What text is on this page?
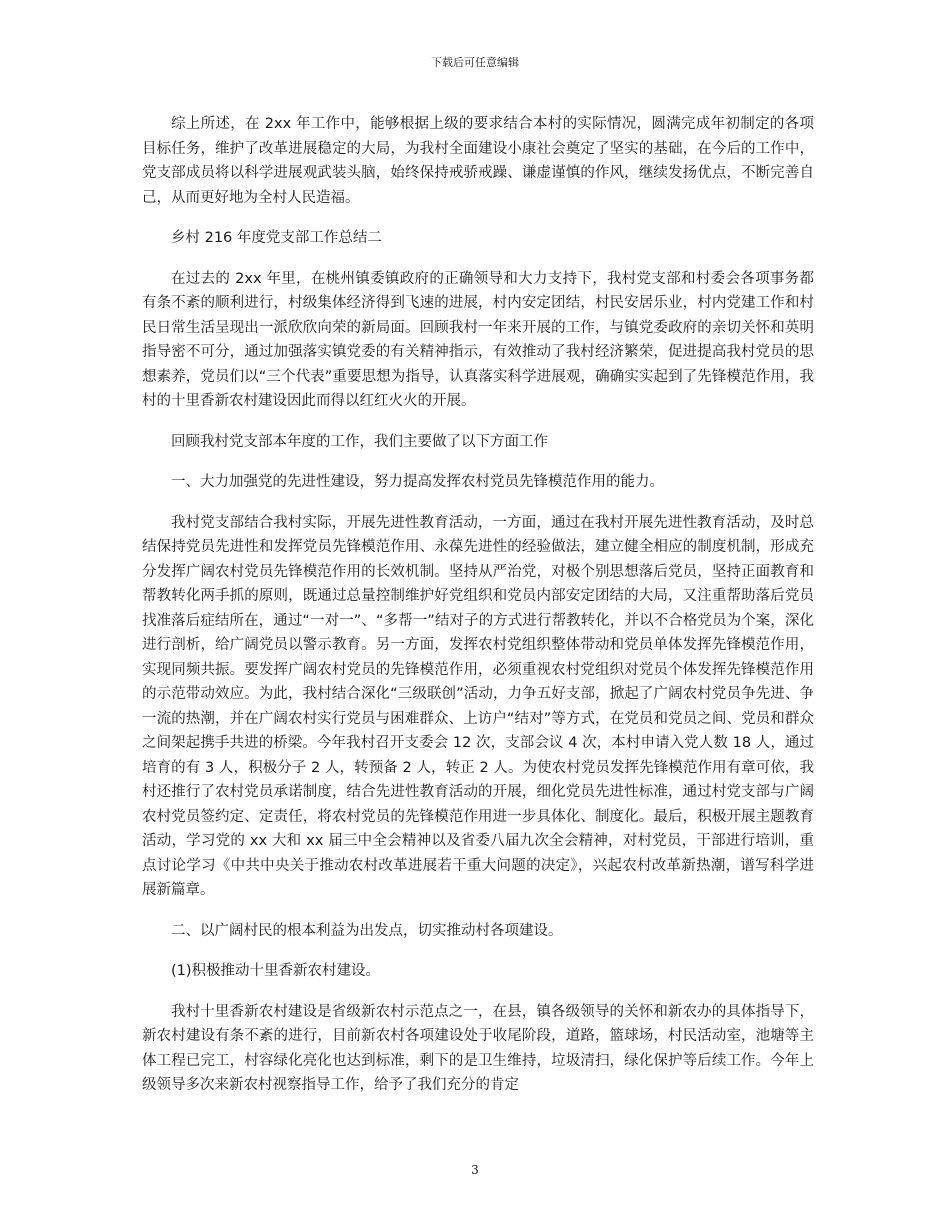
下载后可任意编辑

综上所述，在 2xx 年工作中，能够根据上级的要求结合本村的实际情况，圆满完成年初制定的各项目标任务，维护了改革进展稳定的大局，为我村全面建设小康社会奠定了坚实的基础，在今后的工作中，党支部成员将以科学进展观武装头脑，始终保持戒骄戒躁、谦虚谨慎的作风，继续发扬优点，不断完善自己，从而更好地为全村人民造福。

乡村 216 年度党支部工作总结二

在过去的 2xx 年里，在桃州镇委镇政府的正确领导和大力支持下，我村党支部和村委会各项事务都有条不紊的顺利进行，村级集体经济得到飞速的进展，村内安定团结，村民安居乐业，村内党建工作和村民日常生活呈现出一派欣欣向荣的新局面。回顾我村一年来开展的工作，与镇党委政府的亲切关怀和英明指导密不可分，通过加强落实镇党委的有关精神指示，有效推动了我村经济繁荣，促进提高我村党员的思想素养，党员们以“三个代表”重要思想为指导，认真落实科学进展观，确确实实起到了先锋模范作用，我村的十里香新农村建设因此而得以红红火火的开展。

回顾我村党支部本年度的工作，我们主要做了以下方面工作

一、大力加强党的先进性建设，努力提高发挥农村党员先锋模范作用的能力。

我村党支部结合我村实际，开展先进性教育活动，一方面，通过在我村开展先进性教育活动，及时总结保持党员先进性和发挥党员先锋模范作用、永葆先进性的经验做法，建立健全相应的制度机制，形成充分发挥广阔农村党员先锋模范作用的长效机制。坚持从严治党，对极个别思想落后党员，坚持正面教育和帮教转化两手抓的原则，既通过总量控制维护好党组织和党员内部安定团结的大局，又注重帮助落后党员找准落后症结所在，通过“一对一”、“多帮一”结对子的方式进行帮教转化，并以不合格党员为个案，深化进行剖析，给广阔党员以警示教育。另一方面，发挥农村党组织整体带动和党员单体发挥先锋模范作用，实现同频共振。要发挥广阔农村党员的先锋模范作用，必须重视农村党组织对党员个体发挥先锋模范作用的示范带动效应。为此，我村结合深化“三级联创”活动，力争五好支部，掀起了广阔农村党员争先进、争一流的热潮，并在广阔农村实行党员与困难群众、上访户“结对”等方式，在党员和党员之间、党员和群众之间架起携手共进的桥梁。今年我村召开支委会 12 次，支部会议 4 次，本村申请入党人数 18 人，通过培育的有 3 人，积极分子 2 人，转预备 2 人，转正 2 人。为使农村党员发挥先锋模范作用有章可依，我村还推行了农村党员承诺制度，结合先进性教育活动的开展，细化党员先进性标准，通过村党支部与广阔农村党员签约定、定责任，将农村党员的先锋模范作用进一步具体化、制度化。最后，积极开展主题教育活动，学习党的 xx 大和 xx 届三中全会精神以及省委八届九次全会精神，对村党员，干部进行培训，重点讨论学习《中共中央关于推动农村改革进展若干重大问题的决定》，兴起农村改革新热潮，谱写科学进展新篇章。

二、以广阔村民的根本利益为出发点，切实推动村各项建设。

(1)积极推动十里香新农村建设。

我村十里香新农村建设是省级新农村示范点之一，在县，镇各级领导的关怀和新农办的具体指导下，新农村建设有条不紊的进行，目前新农村各项建设处于收尾阶段，道路，篮球场，村民活动室，池塘等主体工程已完工，村容绿化亮化也达到标准，剩下的是卫生维持，垃圾清扫，绿化保护等后续工作。今年上级领导多次来新农村视察指导工作，给予了我们充分的肯定

3
